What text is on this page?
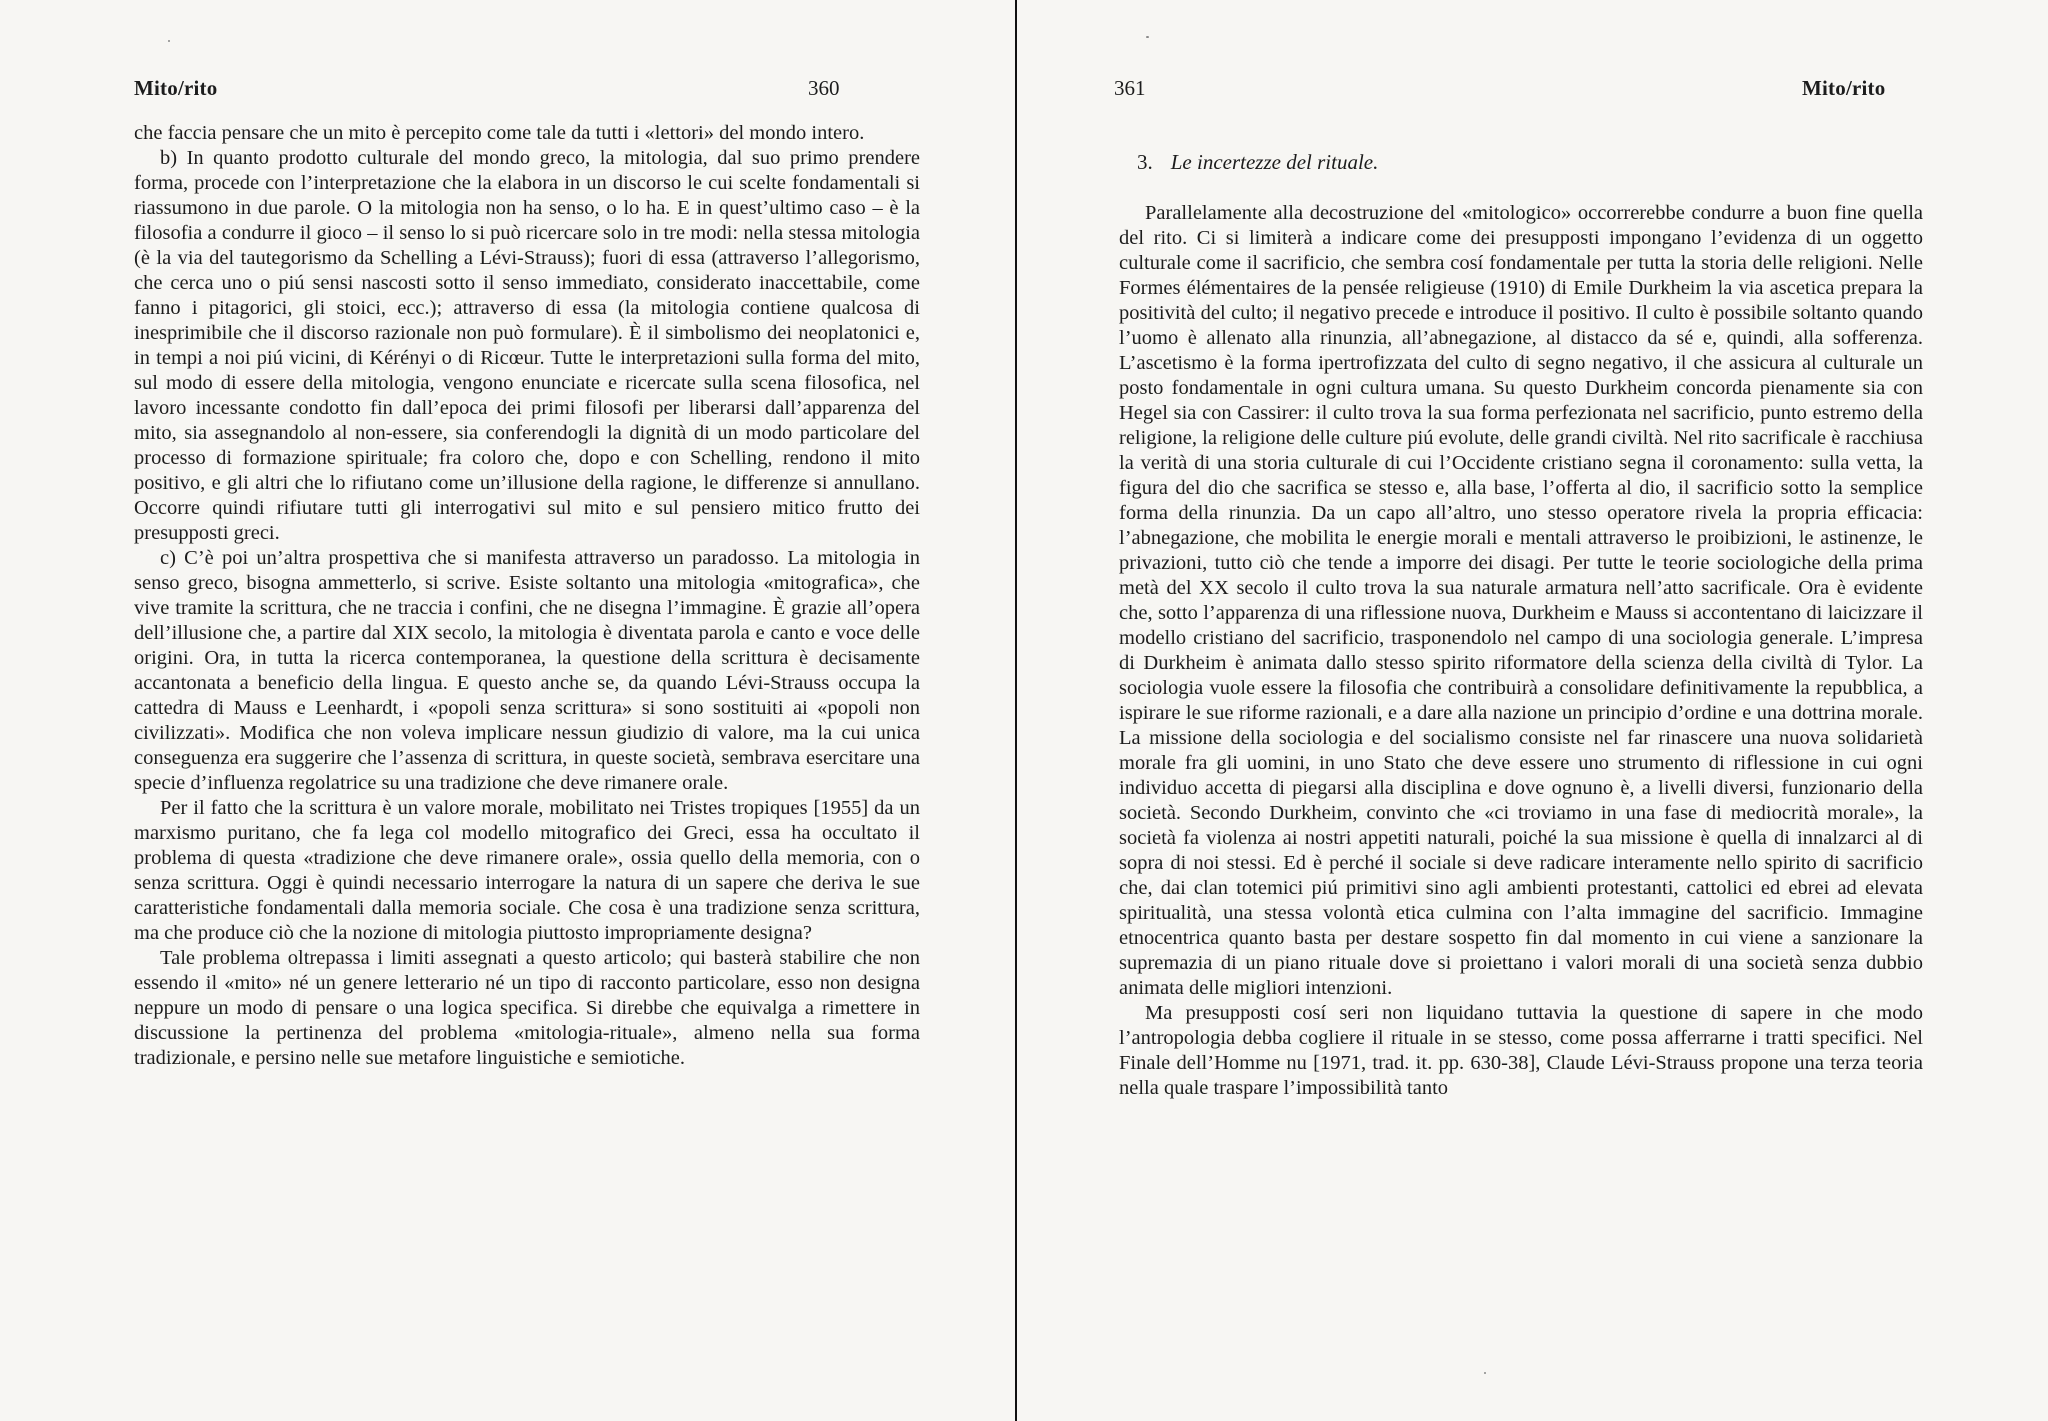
Mito/rito	360

che faccia pensare che un mito è percepito come tale da tutti i «lettori» del mondo intero.

b) In quanto prodotto culturale del mondo greco, la mitologia, dal suo primo prendere forma, procede con l’interpretazione che la elabora in un discorso le cui scelte fondamentali si riassumono in due parole. O la mitologia non ha senso, o lo ha. E in quest’ultimo caso – è la filosofia a condurre il gioco – il senso lo si può ricercare solo in tre modi: nella stessa mitologia (è la via del tautegorismo da Schelling a Lévi-Strauss); fuori di essa (attraverso l’allegorismo, che cerca uno o piú sensi nascosti sotto il senso immediato, considerato inaccettabile, come fanno i pitagorici, gli stoici, ecc.); attraverso di essa (la mitologia contiene qualcosa di inesprimibile che il discorso razionale non può formulare). È il simbolismo dei neoplatonici e, in tempi a noi piú vicini, di Kérényi o di Ricœur. Tutte le interpretazioni sulla forma del mito, sul modo di essere della mitologia, vengono enunciate e ricercate sulla scena filosofica, nel lavoro incessante condotto fin dall’epoca dei primi filosofi per liberarsi dall’apparenza del mito, sia assegnandolo al non-essere, sia conferendogli la dignità di un modo particolare del processo di formazione spirituale; fra coloro che, dopo e con Schelling, rendono il mito positivo, e gli altri che lo rifiutano come un’illusione della ragione, le differenze si annullano. Occorre quindi rifiutare tutti gli interrogativi sul mito e sul pensiero mitico frutto dei presupposti greci.

c) C’è poi un’altra prospettiva che si manifesta attraverso un paradosso. La mitologia in senso greco, bisogna ammetterlo, si scrive. Esiste soltanto una mitologia «mitografica», che vive tramite la scrittura, che ne traccia i confini, che ne disegna l’immagine. È grazie all’opera dell’illusione che, a partire dal XIX secolo, la mitologia è diventata parola e canto e voce delle origini. Ora, in tutta la ricerca contemporanea, la questione della scrittura è decisamente accantonata a beneficio della lingua. E questo anche se, da quando Lévi-Strauss occupa la cattedra di Mauss e Leenhardt, i «popoli senza scrittura» si sono sostituiti ai «popoli non civilizzati». Modifica che non voleva implicare nessun giudizio di valore, ma la cui unica conseguenza era suggerire che l’assenza di scrittura, in queste società, sembrava esercitare una specie d’influenza regolatrice su una tradizione che deve rimanere orale.

Per il fatto che la scrittura è un valore morale, mobilitato nei Tristes tropiques [1955] da un marxismo puritano, che fa lega col modello mitografico dei Greci, essa ha occultato il problema di questa «tradizione che deve rimanere orale», ossia quello della memoria, con o senza scrittura. Oggi è quindi necessario interrogare la natura di un sapere che deriva le sue caratteristiche fondamentali dalla memoria sociale. Che cosa è una tradizione senza scrittura, ma che produce ciò che la nozione di mitologia piuttosto impropriamente designa?

Tale problema oltrepassa i limiti assegnati a questo articolo; qui basterà stabilire che non essendo il «mito» né un genere letterario né un tipo di racconto particolare, esso non designa neppure un modo di pensare o una logica specifica. Si direbbe che equivalga a rimettere in discussione la pertinenza del problema «mitologia-rituale», almeno nella sua forma tradizionale, e persino nelle sue metafore linguistiche e semiotiche.

361	Mito/rito
3. Le incertezze del rituale.

Parallelamente alla decostruzione del «mitologico» occorrerebbe condurre a buon fine quella del rito. Ci si limiterà a indicare come dei presupposti impongano l’evidenza di un oggetto culturale come il sacrificio, che sembra cosí fondamentale per tutta la storia delle religioni. Nelle Formes élémentaires de la pensée religieuse (1910) di Emile Durkheim la via ascetica prepara la positività del culto; il negativo precede e introduce il positivo. Il culto è possibile soltanto quando l’uomo è allenato alla rinunzia, all’abnegazione, al distacco da sé e, quindi, alla sofferenza. L’ascetismo è la forma ipertrofizzata del culto di segno negativo, il che assicura al culturale un posto fondamentale in ogni cultura umana. Su questo Durkheim concorda pienamente sia con Hegel sia con Cassirer: il culto trova la sua forma perfezionata nel sacrificio, punto estremo della religione, la religione delle culture piú evolute, delle grandi civiltà. Nel rito sacrificale è racchiusa la verità di una storia culturale di cui l’Occidente cristiano segna il coronamento: sulla vetta, la figura del dio che sacrifica se stesso e, alla base, l’offerta al dio, il sacrificio sotto la semplice forma della rinunzia. Da un capo all’altro, uno stesso operatore rivela la propria efficacia: l’abnegazione, che mobilita le energie morali e mentali attraverso le proibizioni, le astinenze, le privazioni, tutto ciò che tende a imporre dei disagi. Per tutte le teorie sociologiche della prima metà del XX secolo il culto trova la sua naturale armatura nell’atto sacrificale. Ora è evidente che, sotto l’apparenza di una riflessione nuova, Durkheim e Mauss si accontentano di laicizzare il modello cristiano del sacrificio, trasponendolo nel campo di una sociologia generale. L’impresa di Durkheim è animata dallo stesso spirito riformatore della scienza della civiltà di Tylor. La sociologia vuole essere la filosofia che contribuirà a consolidare definitivamente la repubblica, a ispirare le sue riforme razionali, e a dare alla nazione un principio d’ordine e una dottrina morale. La missione della sociologia e del socialismo consiste nel far rinascere una nuova solidarietà morale fra gli uomini, in uno Stato che deve essere uno strumento di riflessione in cui ogni individuo accetta di piegarsi alla disciplina e dove ognuno è, a livelli diversi, funzionario della società. Secondo Durkheim, convinto che «ci troviamo in una fase di mediocrità morale», la società fa violenza ai nostri appetiti naturali, poiché la sua missione è quella di innalzarci al di sopra di noi stessi. Ed è perché il sociale si deve radicare interamente nello spirito di sacrificio che, dai clan totemici piú primitivi sino agli ambienti protestanti, cattolici ed ebrei ad elevata spiritualità, una stessa volontà etica culmina con l’alta immagine del sacrificio. Immagine etnocentrica quanto basta per destare sospetto fin dal momento in cui viene a sanzionare la supremazia di un piano rituale dove si proiettano i valori morali di una società senza dubbio animata delle migliori intenzioni.

Ma presupposti cosí seri non liquidano tuttavia la questione di sapere in che modo l’antropologia debba cogliere il rituale in se stesso, come possa afferrarne i tratti specifici. Nel Finale dell’Homme nu [1971, trad. it. pp. 630-38], Claude Lévi-Strauss propone una terza teoria nella quale traspare l’impossibilità tanto
